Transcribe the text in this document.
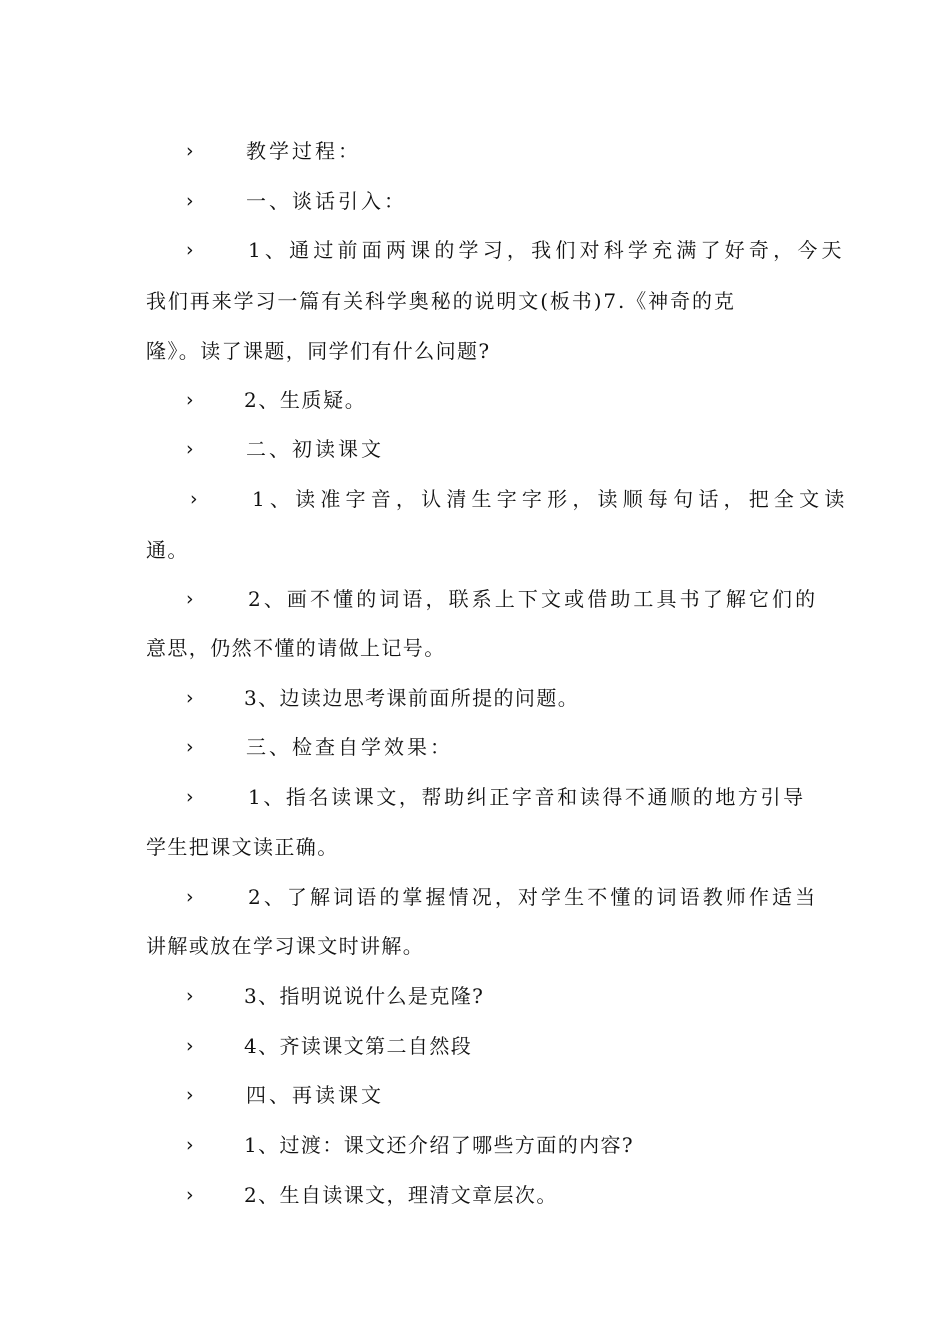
›	教学过程：
›	一、谈话引入：
›	1、通过前面两课的学习，我们对科学充满了好奇，今天
我们再来学习一篇有关科学奥秘的说明文(板书)7.《神奇的克
隆》。读了课题，同学们有什么问题?
›	2、生质疑。
›	二、初读课文
›	1、读准字音，认清生字字形，读顺每句话，把全文读
通。
›	2、画不懂的词语，联系上下文或借助工具书了解它们的
意思，仍然不懂的请做上记号。
›	3、边读边思考课前面所提的问题。
›	三、检查自学效果：
›	1、指名读课文，帮助纠正字音和读得不通顺的地方引导
学生把课文读正确。
›	2、了解词语的掌握情况，对学生不懂的词语教师作适当
讲解或放在学习课文时讲解。
›	3、指明说说什么是克隆?
›	4、齐读课文第二自然段
›	四、再读课文
›	1、过渡：课文还介绍了哪些方面的内容?
›	2、生自读课文，理清文章层次。
